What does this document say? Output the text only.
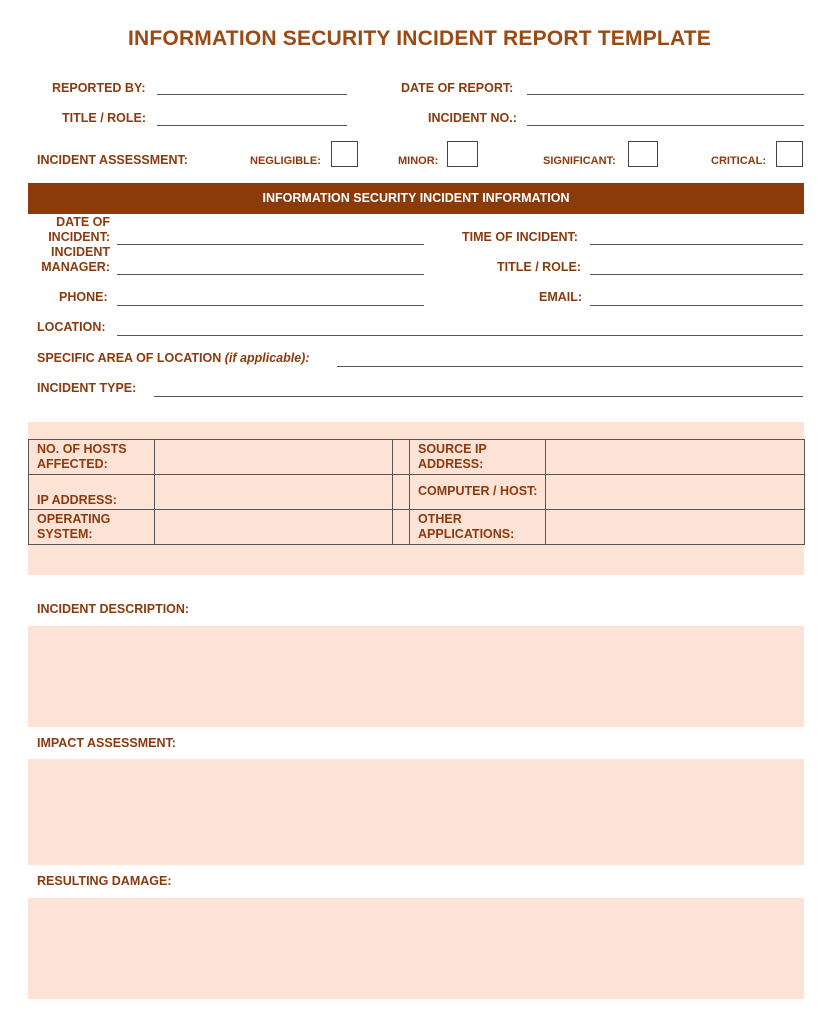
INFORMATION SECURITY INCIDENT REPORT TEMPLATE
REPORTED BY:	DATE OF REPORT:
TITLE / ROLE:	INCIDENT NO.:
INCIDENT ASSESSMENT:	NEGLIGIBLE:	MINOR:	SIGNIFICANT:	CRITICAL:
INFORMATION SECURITY INCIDENT INFORMATION
DATE OF
INCIDENT:	TIME OF INCIDENT:
INCIDENT
MANAGER:	TITLE / ROLE:
PHONE:	EMAIL:
LOCATION:
SPECIFIC AREA OF LOCATION (if applicable):
INCIDENT TYPE:
NO. OF HOSTS AFFECTED:			SOURCE IP ADDRESS:	
IP ADDRESS:			COMPUTER / HOST:	
OPERATING SYSTEM:			OTHER APPLICATIONS:	
INCIDENT DESCRIPTION:
IMPACT ASSESSMENT:
RESULTING DAMAGE:
